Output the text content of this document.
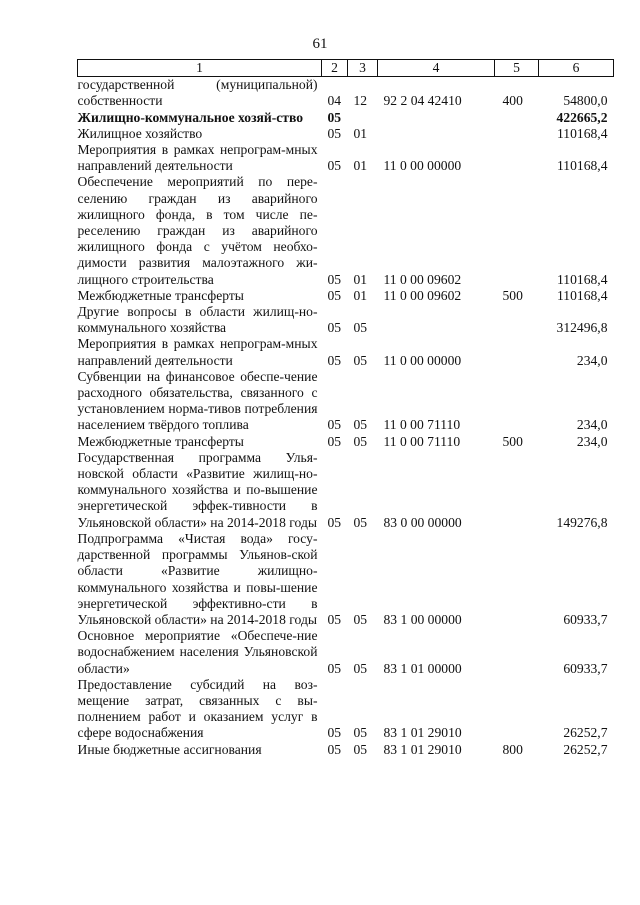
61
1	2	3	4	5	6
государственной (муниципальной) собственности	04	12	92 2 04 42410	400	54800,0
Жилищно-коммунальное хозяй-ство	05				422665,2
Жилищное хозяйство	05	01			110168,4
Мероприятия в рамках непрограм-мных направлений деятельности	05	01	11 0 00 00000		110168,4
Обеспечение мероприятий по пере-селению граждан из аварийного жилищного фонда, в том числе пе-реселению граждан из аварийного жилищного фонда с учётом необхо-димости развития малоэтажного жи-лищного строительства	05	01	11 0 00 09602		110168,4
Межбюджетные трансферты	05	01	11 0 00 09602	500	110168,4
Другие вопросы в области жилищ-но-коммунального хозяйства	05	05			312496,8
Мероприятия в рамках непрограм-мных направлений деятельности	05	05	11 0 00 00000		234,0
Субвенции на финансовое обеспе-чение расходного обязательства, связанного с установлением норма-тивов потребления населением твёрдого топлива	05	05	11 0 00 71110		234,0
Межбюджетные трансферты	05	05	11 0 00 71110	500	234,0
Государственная программа Улья-новской области «Развитие жилищ-но-коммунального хозяйства и по-вышение энергетической эффек-тивности в Ульяновской области» на 2014-2018 годы	05	05	83 0 00 00000		149276,8
Подпрограмма «Чистая вода» госу-дарственной программы Ульянов-ской области «Развитие жилищно-коммунального хозяйства и повы-шение энергетической эффективно-сти в Ульяновской области» на 2014-2018 годы	05	05	83 1 00 00000		60933,7
Основное мероприятие «Обеспече-ние водоснабжением населения Ульяновской области»	05	05	83 1 01 00000		60933,7
Предоставление субсидий на воз-мещение затрат, связанных с вы-полнением работ и оказанием услуг в сфере водоснабжения	05	05	83 1 01 29010		26252,7
Иные бюджетные ассигнования	05	05	83 1 01 29010	800	26252,7
